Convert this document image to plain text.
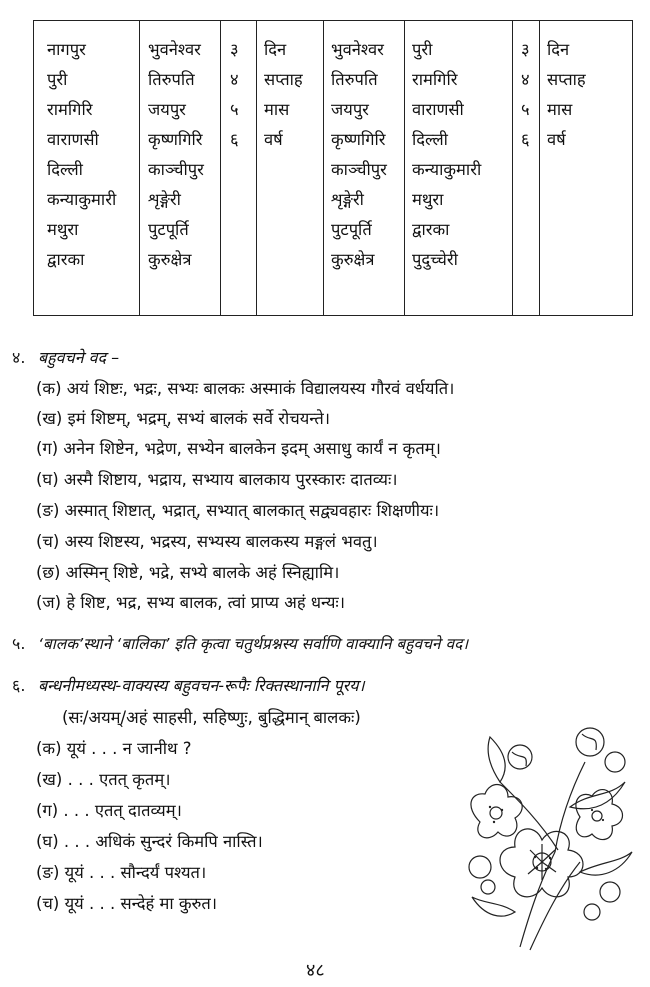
नागपुर
पुरी
रामगिरि
वाराणसी
दिल्ली
कन्याकुमारी
मथुरा
द्वारका
भुवनेश्वर
तिरुपति
जयपुर
कृष्णगिरि
काञ्चीपुर
शृङ्गेरी
पुटपूर्ति
कुरुक्षेत्र
३
४
५
६
दिन
सप्ताह
मास
वर्ष
भुवनेश्वर
तिरुपति
जयपुर
कृष्णगिरि
काञ्चीपुर
शृङ्गेरी
पुटपूर्ति
कुरुक्षेत्र
पुरी
रामगिरि
वाराणसी
दिल्ली
कन्याकुमारी
मथुरा
द्वारका
पुदुच्चेरी
३
४
५
६
दिन
सप्ताह
मास
वर्ष
४. बहुवचने वद –
(क) अयं शिष्टः, भद्रः, सभ्यः बालकः अस्माकं विद्यालयस्य गौरवं वर्धयति।
(ख) इमं शिष्टम्, भद्रम्, सभ्यं बालकं सर्वे रोचयन्ते।
(ग) अनेन शिष्टेन, भद्रेण, सभ्येन बालकेन इदम् असाधु कार्यं न कृतम्।
(घ) अस्मै शिष्टाय, भद्राय, सभ्याय बालकाय पुरस्कारः दातव्यः।
(ङ) अस्मात् शिष्टात्, भद्रात्, सभ्यात् बालकात् सद्व्यवहारः शिक्षणीयः।
(च) अस्य शिष्टस्य, भद्रस्य, सभ्यस्य बालकस्य मङ्गलं भवतु।
(छ) अस्मिन् शिष्टे, भद्रे, सभ्ये बालके अहं स्निह्यामि।
(ज) हे शिष्ट, भद्र, सभ्य बालक, त्वां प्राप्य अहं धन्यः।
५. ‘बालक’स्थाने ‘बालिका’ इति कृत्वा चतुर्थप्रश्नस्य सर्वाणि वाक्यानि बहुवचने वद।
६. बन्धनीमध्यस्थ-वाक्यस्य बहुवचन-रूपैः रिक्तस्थानानि पूरय।
(सः/अयम्/अहं साहसी, सहिष्णुः, बुद्धिमान् बालकः)
(क) यूयं . . . न जानीथ ?
(ख) . . . एतत् कृतम्।
(ग) . . . एतत् दातव्यम्।
(घ) . . . अधिकं सुन्दरं किमपि नास्ति।
(ङ) यूयं . . . सौन्दर्यं पश्यत।
(च) यूयं . . . सन्देहं मा कुरुत।
४८
